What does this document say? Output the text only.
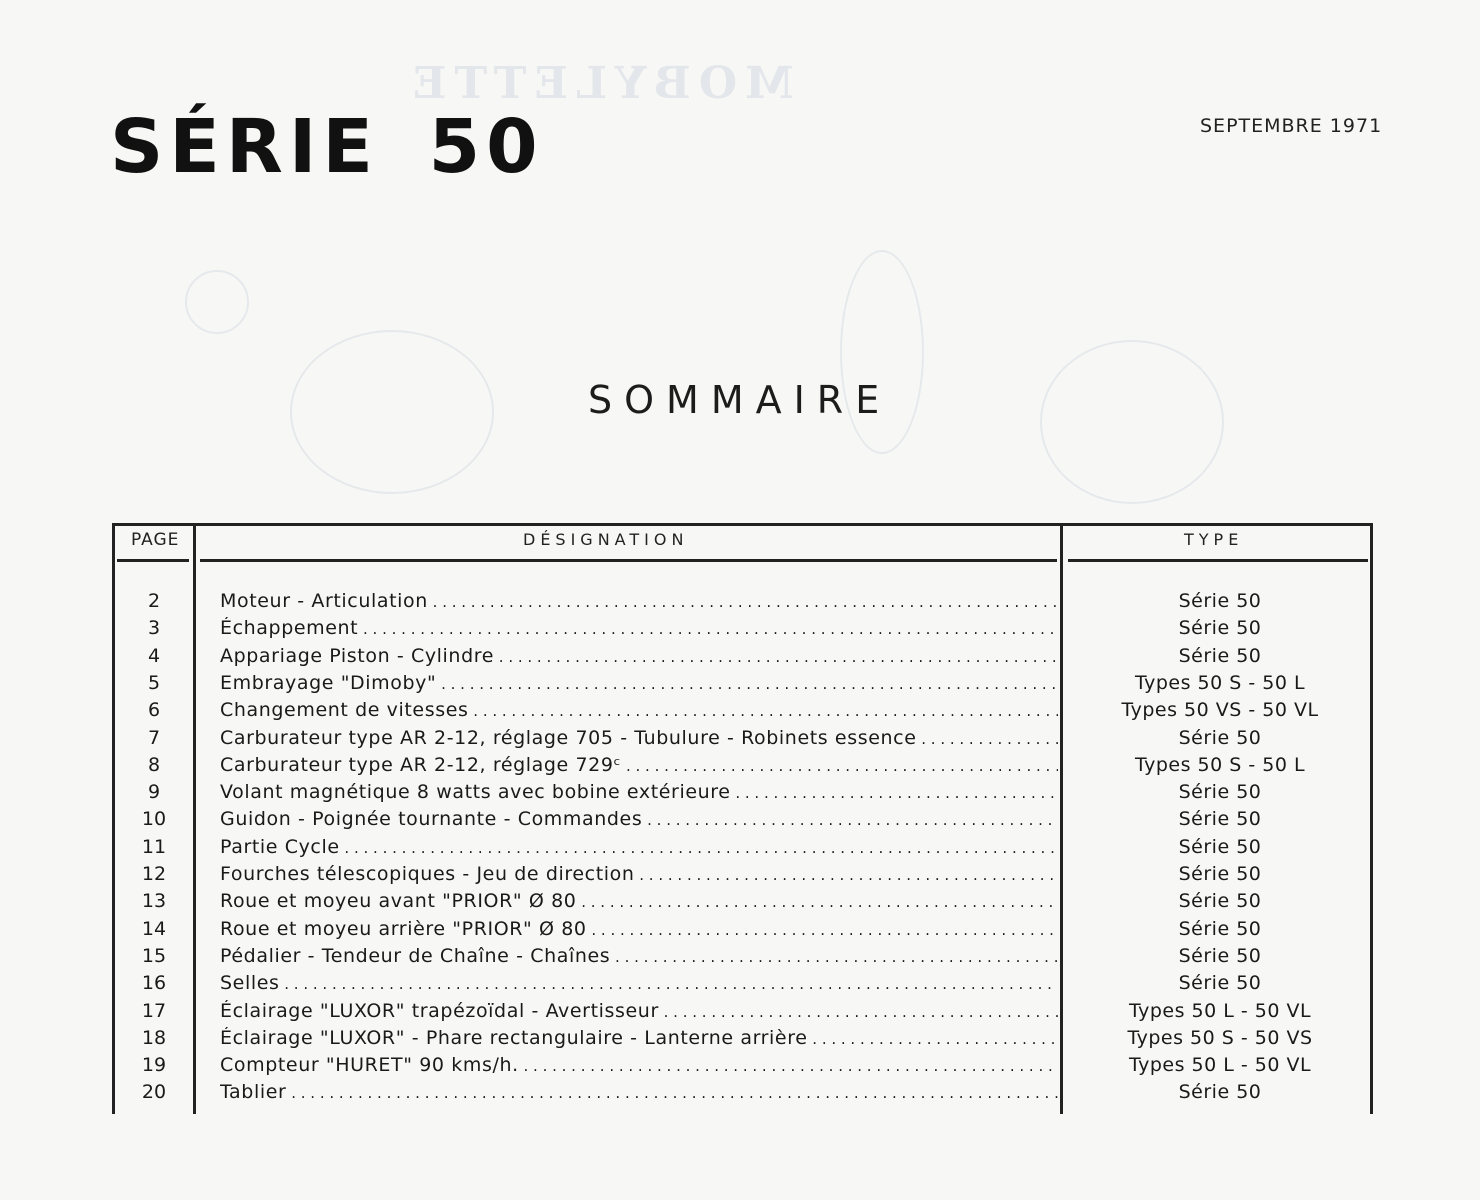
MOBYLETTE
SÉRIE 50	SEPTEMBRE 1971
SOMMAIRE
PAGE	DÉSIGNATION	TYPE
2	Moteur - Articulation . . .	Série 50
3	Échappement . . .	Série 50
4	Appariage Piston - Cylindre . . .	Série 50
5	Embrayage "Dimoby" . . .	Types 50 S - 50 L
6	Changement de vitesses . . .	Types 50 VS - 50 VL
7	Carburateur type AR 2-12, réglage 705 - Tubulure - Robinets essence . . .	Série 50
8	Carburateur type AR 2-12, réglage 729ᶜ . . .	Types 50 S - 50 L
9	Volant magnétique 8 watts avec bobine extérieure . . .	Série 50
10	Guidon - Poignée tournante - Commandes . . .	Série 50
11	Partie Cycle . . .	Série 50
12	Fourches télescopiques - Jeu de direction . . .	Série 50
13	Roue et moyeu avant "PRIOR" Ø 80 . . .	Série 50
14	Roue et moyeu arrière "PRIOR" Ø 80 . . .	Série 50
15	Pédalier - Tendeur de Chaîne - Chaînes . . .	Série 50
16	Selles . . .	Série 50
17	Éclairage "LUXOR" trapézoïdal - Avertisseur . . .	Types 50 L - 50 VL
18	Éclairage "LUXOR" - Phare rectangulaire - Lanterne arrière . . .	Types 50 S - 50 VS
19	Compteur "HURET" 90 kms/h. . . .	Types 50 L - 50 VL
20	Tablier . . .	Série 50
